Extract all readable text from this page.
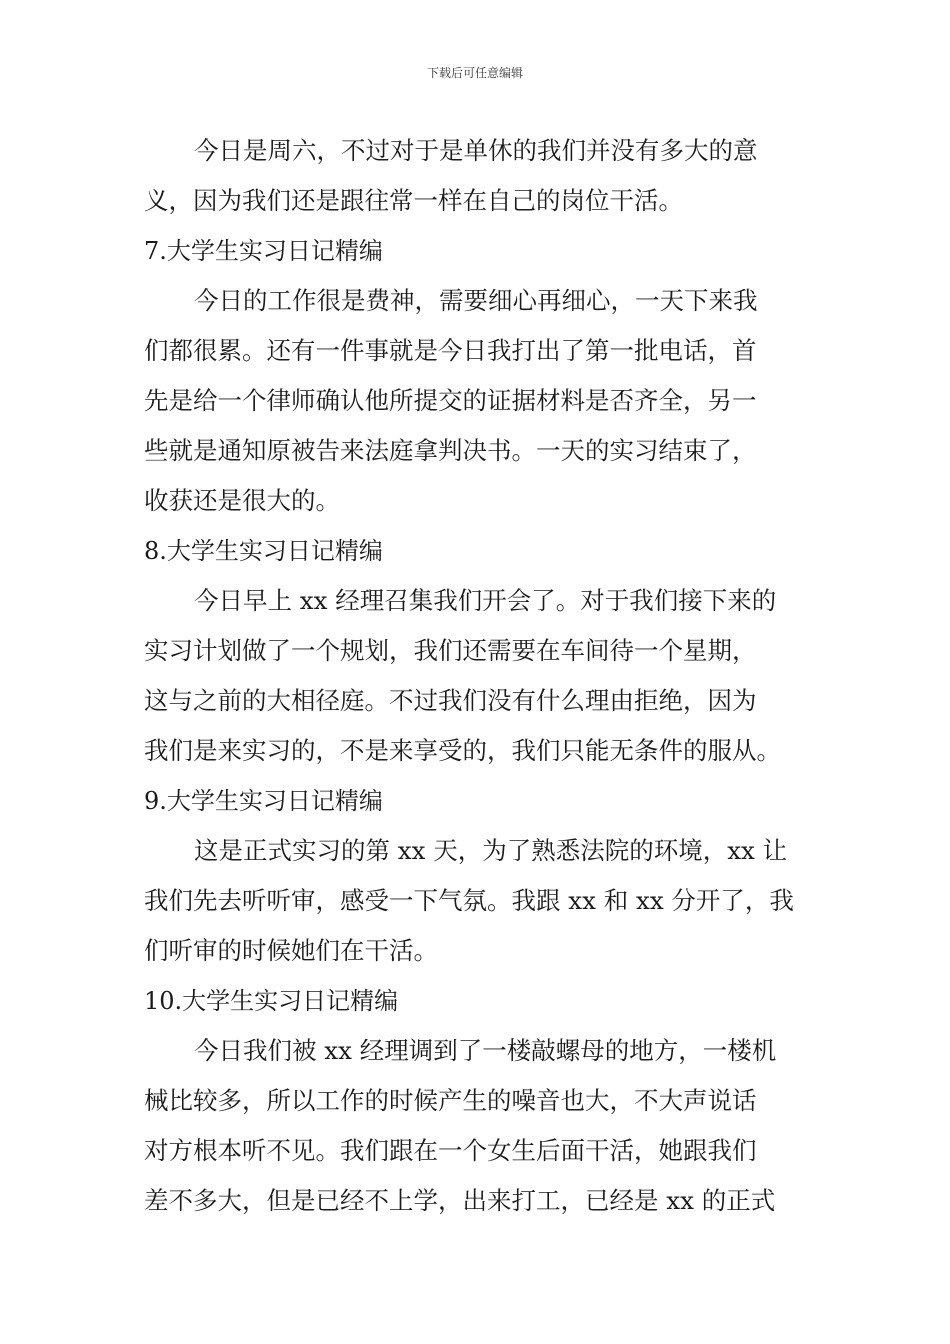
下载后可任意编辑
今日是周六，不过对于是单休的我们并没有多大的意
义，因为我们还是跟往常一样在自己的岗位干活。
7.大学生实习日记精编
今日的工作很是费神，需要细心再细心，一天下来我
们都很累。还有一件事就是今日我打出了第一批电话，首
先是给一个律师确认他所提交的证据材料是否齐全，另一
些就是通知原被告来法庭拿判决书。一天的实习结束了，
收获还是很大的。
8.大学生实习日记精编
今日早上 xx 经理召集我们开会了。对于我们接下来的
实习计划做了一个规划，我们还需要在车间待一个星期，
这与之前的大相径庭。不过我们没有什么理由拒绝，因为
我们是来实习的，不是来享受的，我们只能无条件的服从。
9.大学生实习日记精编
这是正式实习的第 xx 天，为了熟悉法院的环境，xx 让
我们先去听听审，感受一下气氛。我跟 xx 和 xx 分开了，我
们听审的时候她们在干活。
10.大学生实习日记精编
今日我们被 xx 经理调到了一楼敲螺母的地方，一楼机
械比较多，所以工作的时候产生的噪音也大，不大声说话
对方根本听不见。我们跟在一个女生后面干活，她跟我们
差不多大，但是已经不上学，出来打工，已经是 xx 的正式
